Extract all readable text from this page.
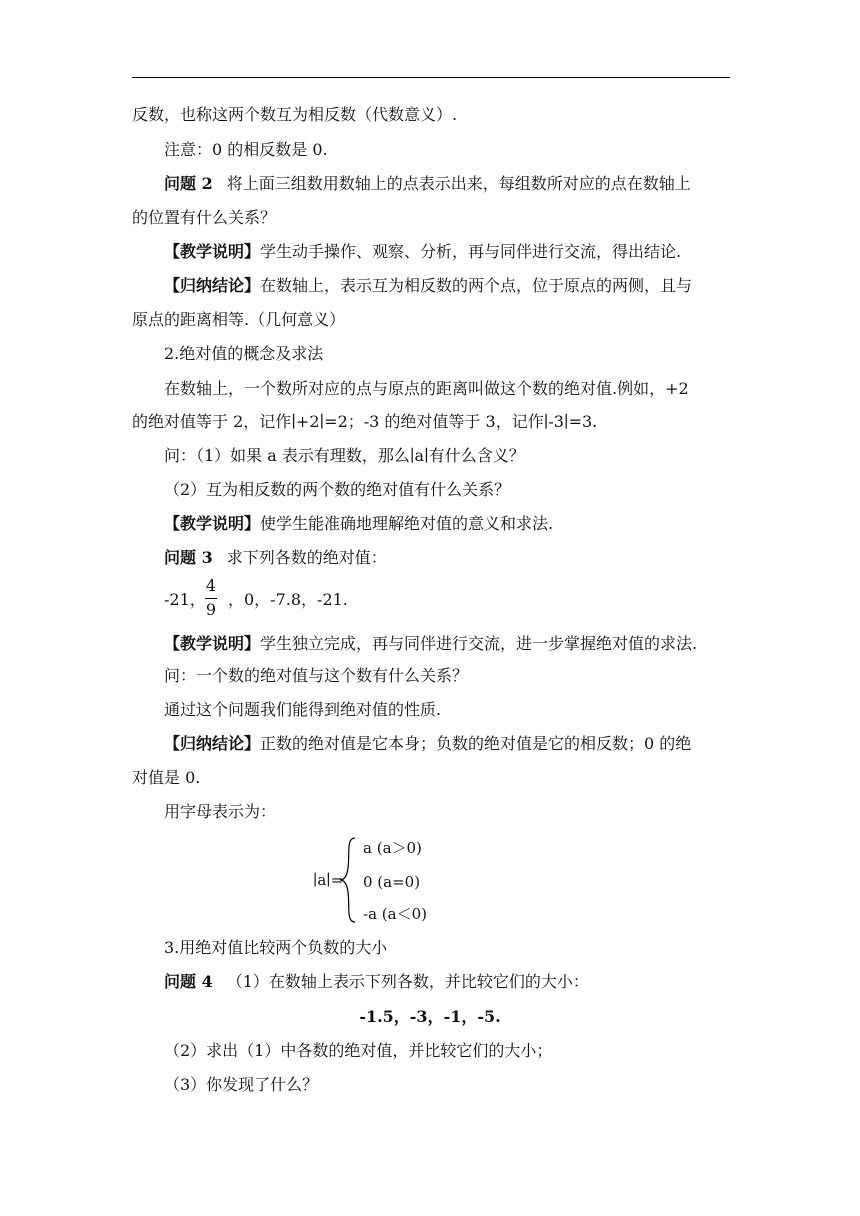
反数，也称这两个数互为相反数（代数意义）.
注意：0 的相反数是 0.
问题 2 将上面三组数用数轴上的点表示出来，每组数所对应的点在数轴上
的位置有什么关系？
【教学说明】学生动手操作、观察、分析，再与同伴进行交流，得出结论.
【归纳结论】在数轴上，表示互为相反数的两个点，位于原点的两侧，且与
原点的距离相等.（几何意义）
2.绝对值的概念及求法
在数轴上，一个数所对应的点与原点的距离叫做这个数的绝对值.例如，+2
的绝对值等于 2，记作∣+2∣=2；-3 的绝对值等于 3，记作∣-3∣=3.
问：（1）如果 a 表示有理数，那么∣a∣有什么含义？
（2）互为相反数的两个数的绝对值有什么关系？
【教学说明】使学生能准确地理解绝对值的意义和求法.
问题 3 求下列各数的绝对值：
-21，
4
9
，0，-7.8，-21.
【教学说明】学生独立完成，再与同伴进行交流，进一步掌握绝对值的求法.
问：一个数的绝对值与这个数有什么关系？
通过这个问题我们能得到绝对值的性质.
【归纳结论】正数的绝对值是它本身；负数的绝对值是它的相反数；0 的绝
对值是 0.
用字母表示为：
∣a∣=
a (a＞0)
0 (a=0)
-a (a＜0)
3.用绝对值比较两个负数的大小
问题 4 （1）在数轴上表示下列各数，并比较它们的大小：
-1.5，-3，-1，-5.
（2）求出（1）中各数的绝对值，并比较它们的大小；
（3）你发现了什么？
